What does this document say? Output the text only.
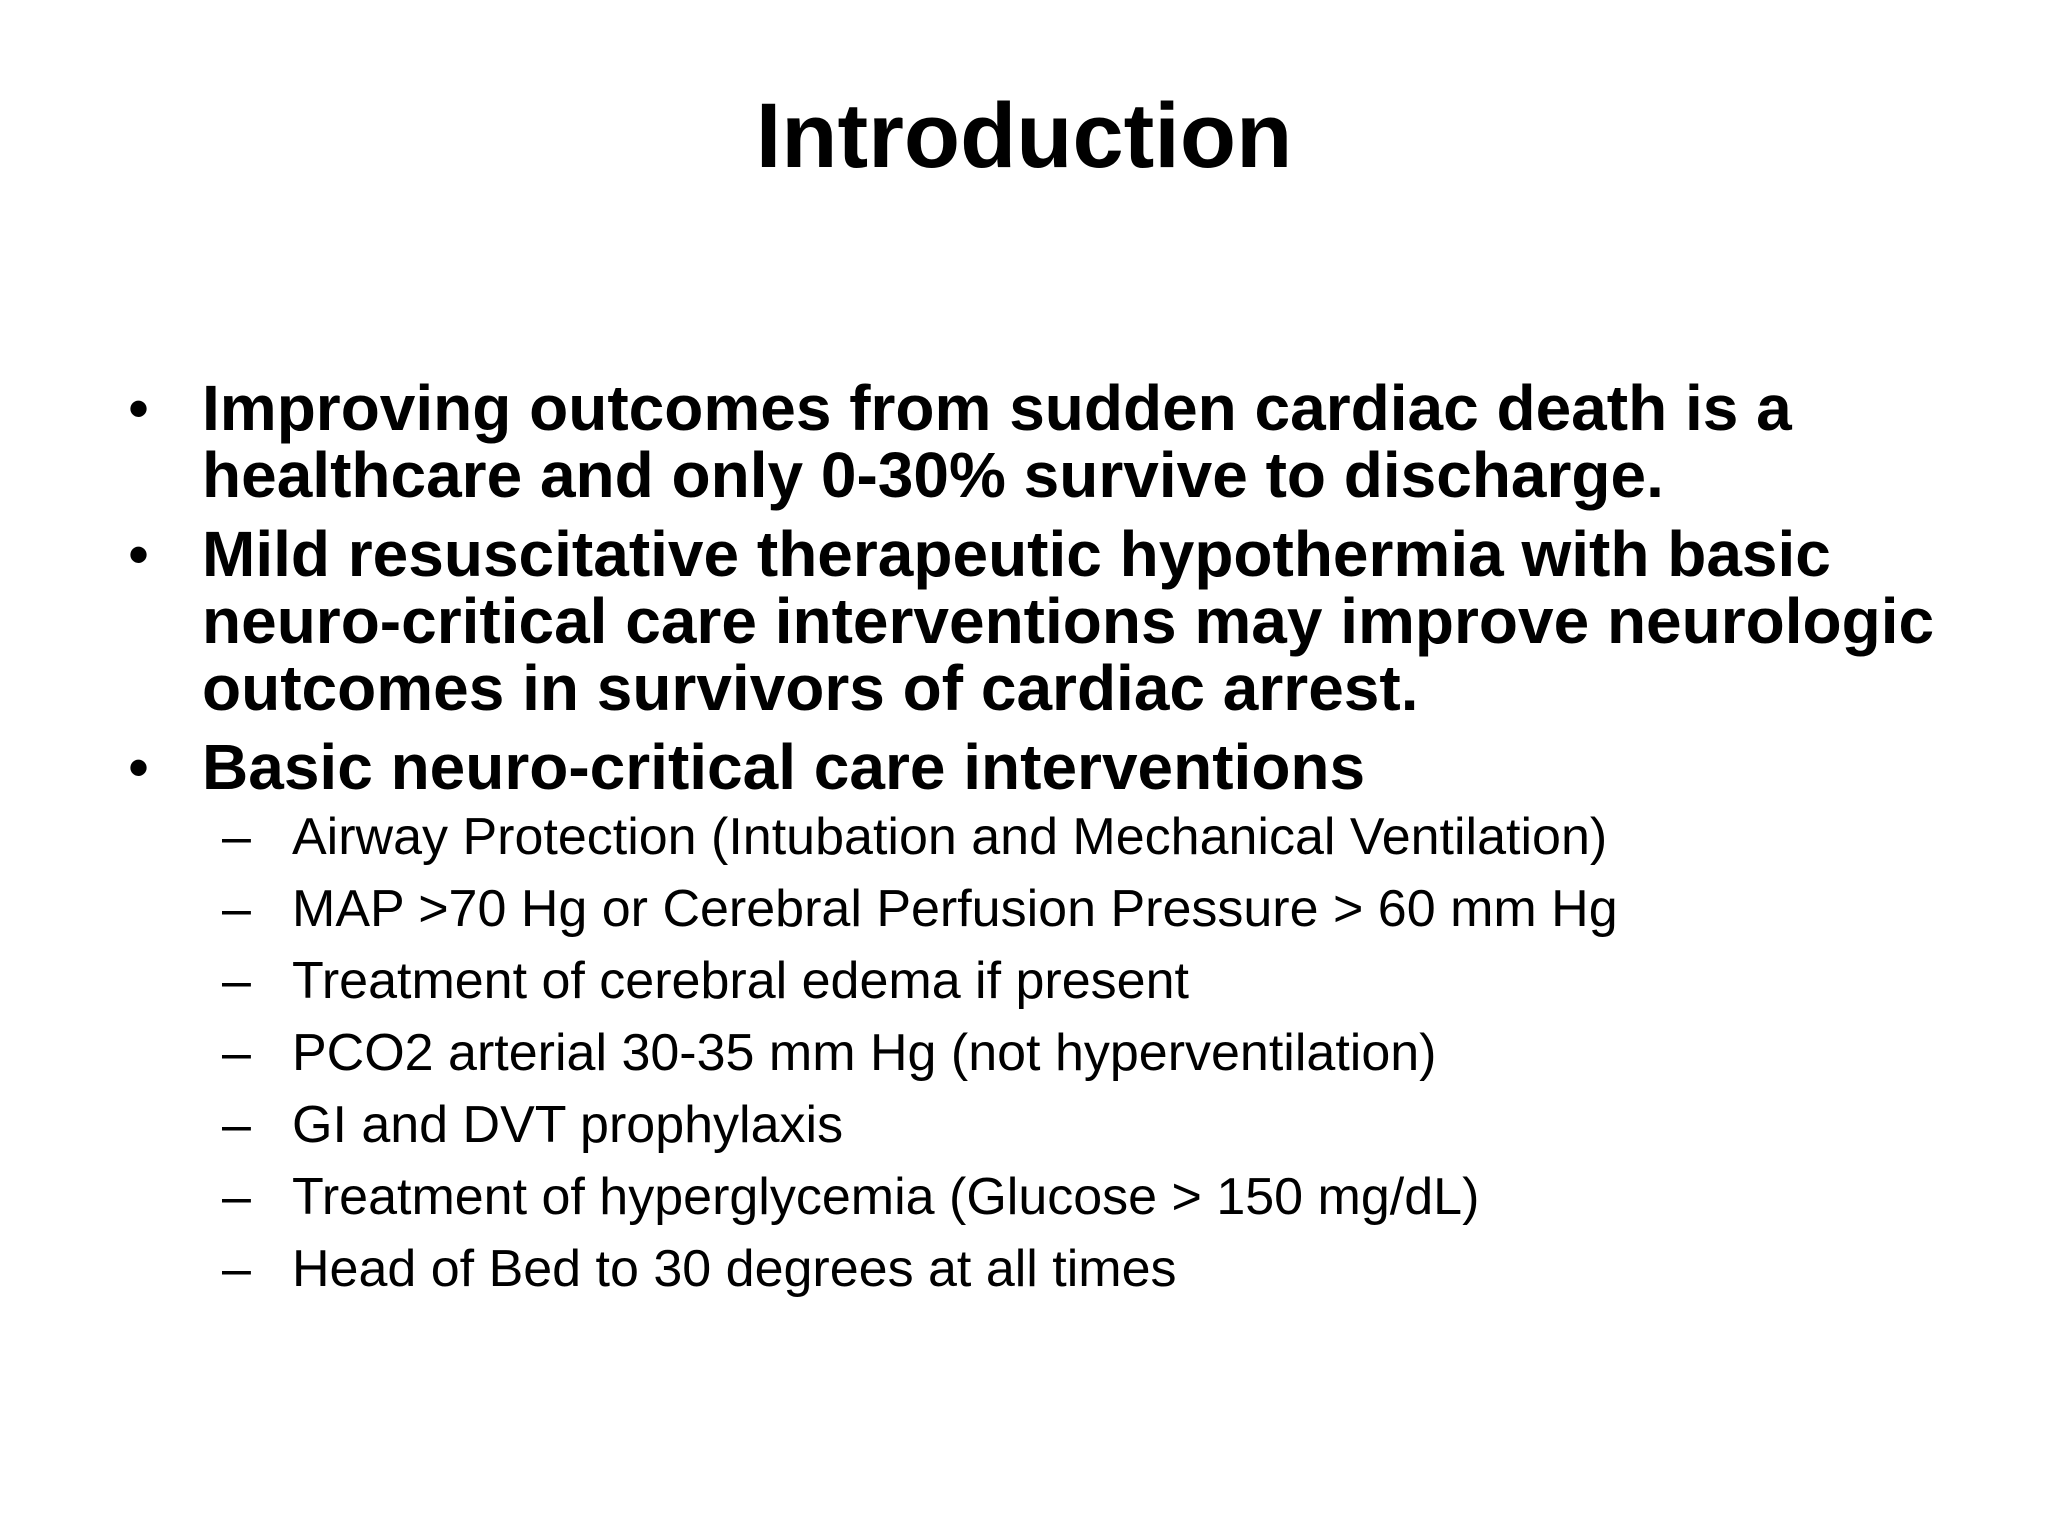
Introduction
• Improving outcomes from sudden cardiac death is a healthcare and only 0-30% survive to discharge.
• Mild resuscitative therapeutic hypothermia with basic neuro-critical care interventions may improve neurologic outcomes in survivors of cardiac arrest.
• Basic neuro-critical care interventions
– Airway Protection (Intubation and Mechanical Ventilation)
– MAP >70 Hg or Cerebral Perfusion Pressure > 60 mm Hg
– Treatment of cerebral edema if present
– PCO2 arterial 30-35 mm Hg (not hyperventilation)
– GI and DVT prophylaxis
– Treatment of hyperglycemia (Glucose > 150 mg/dL)
– Head of Bed to 30 degrees at all times
